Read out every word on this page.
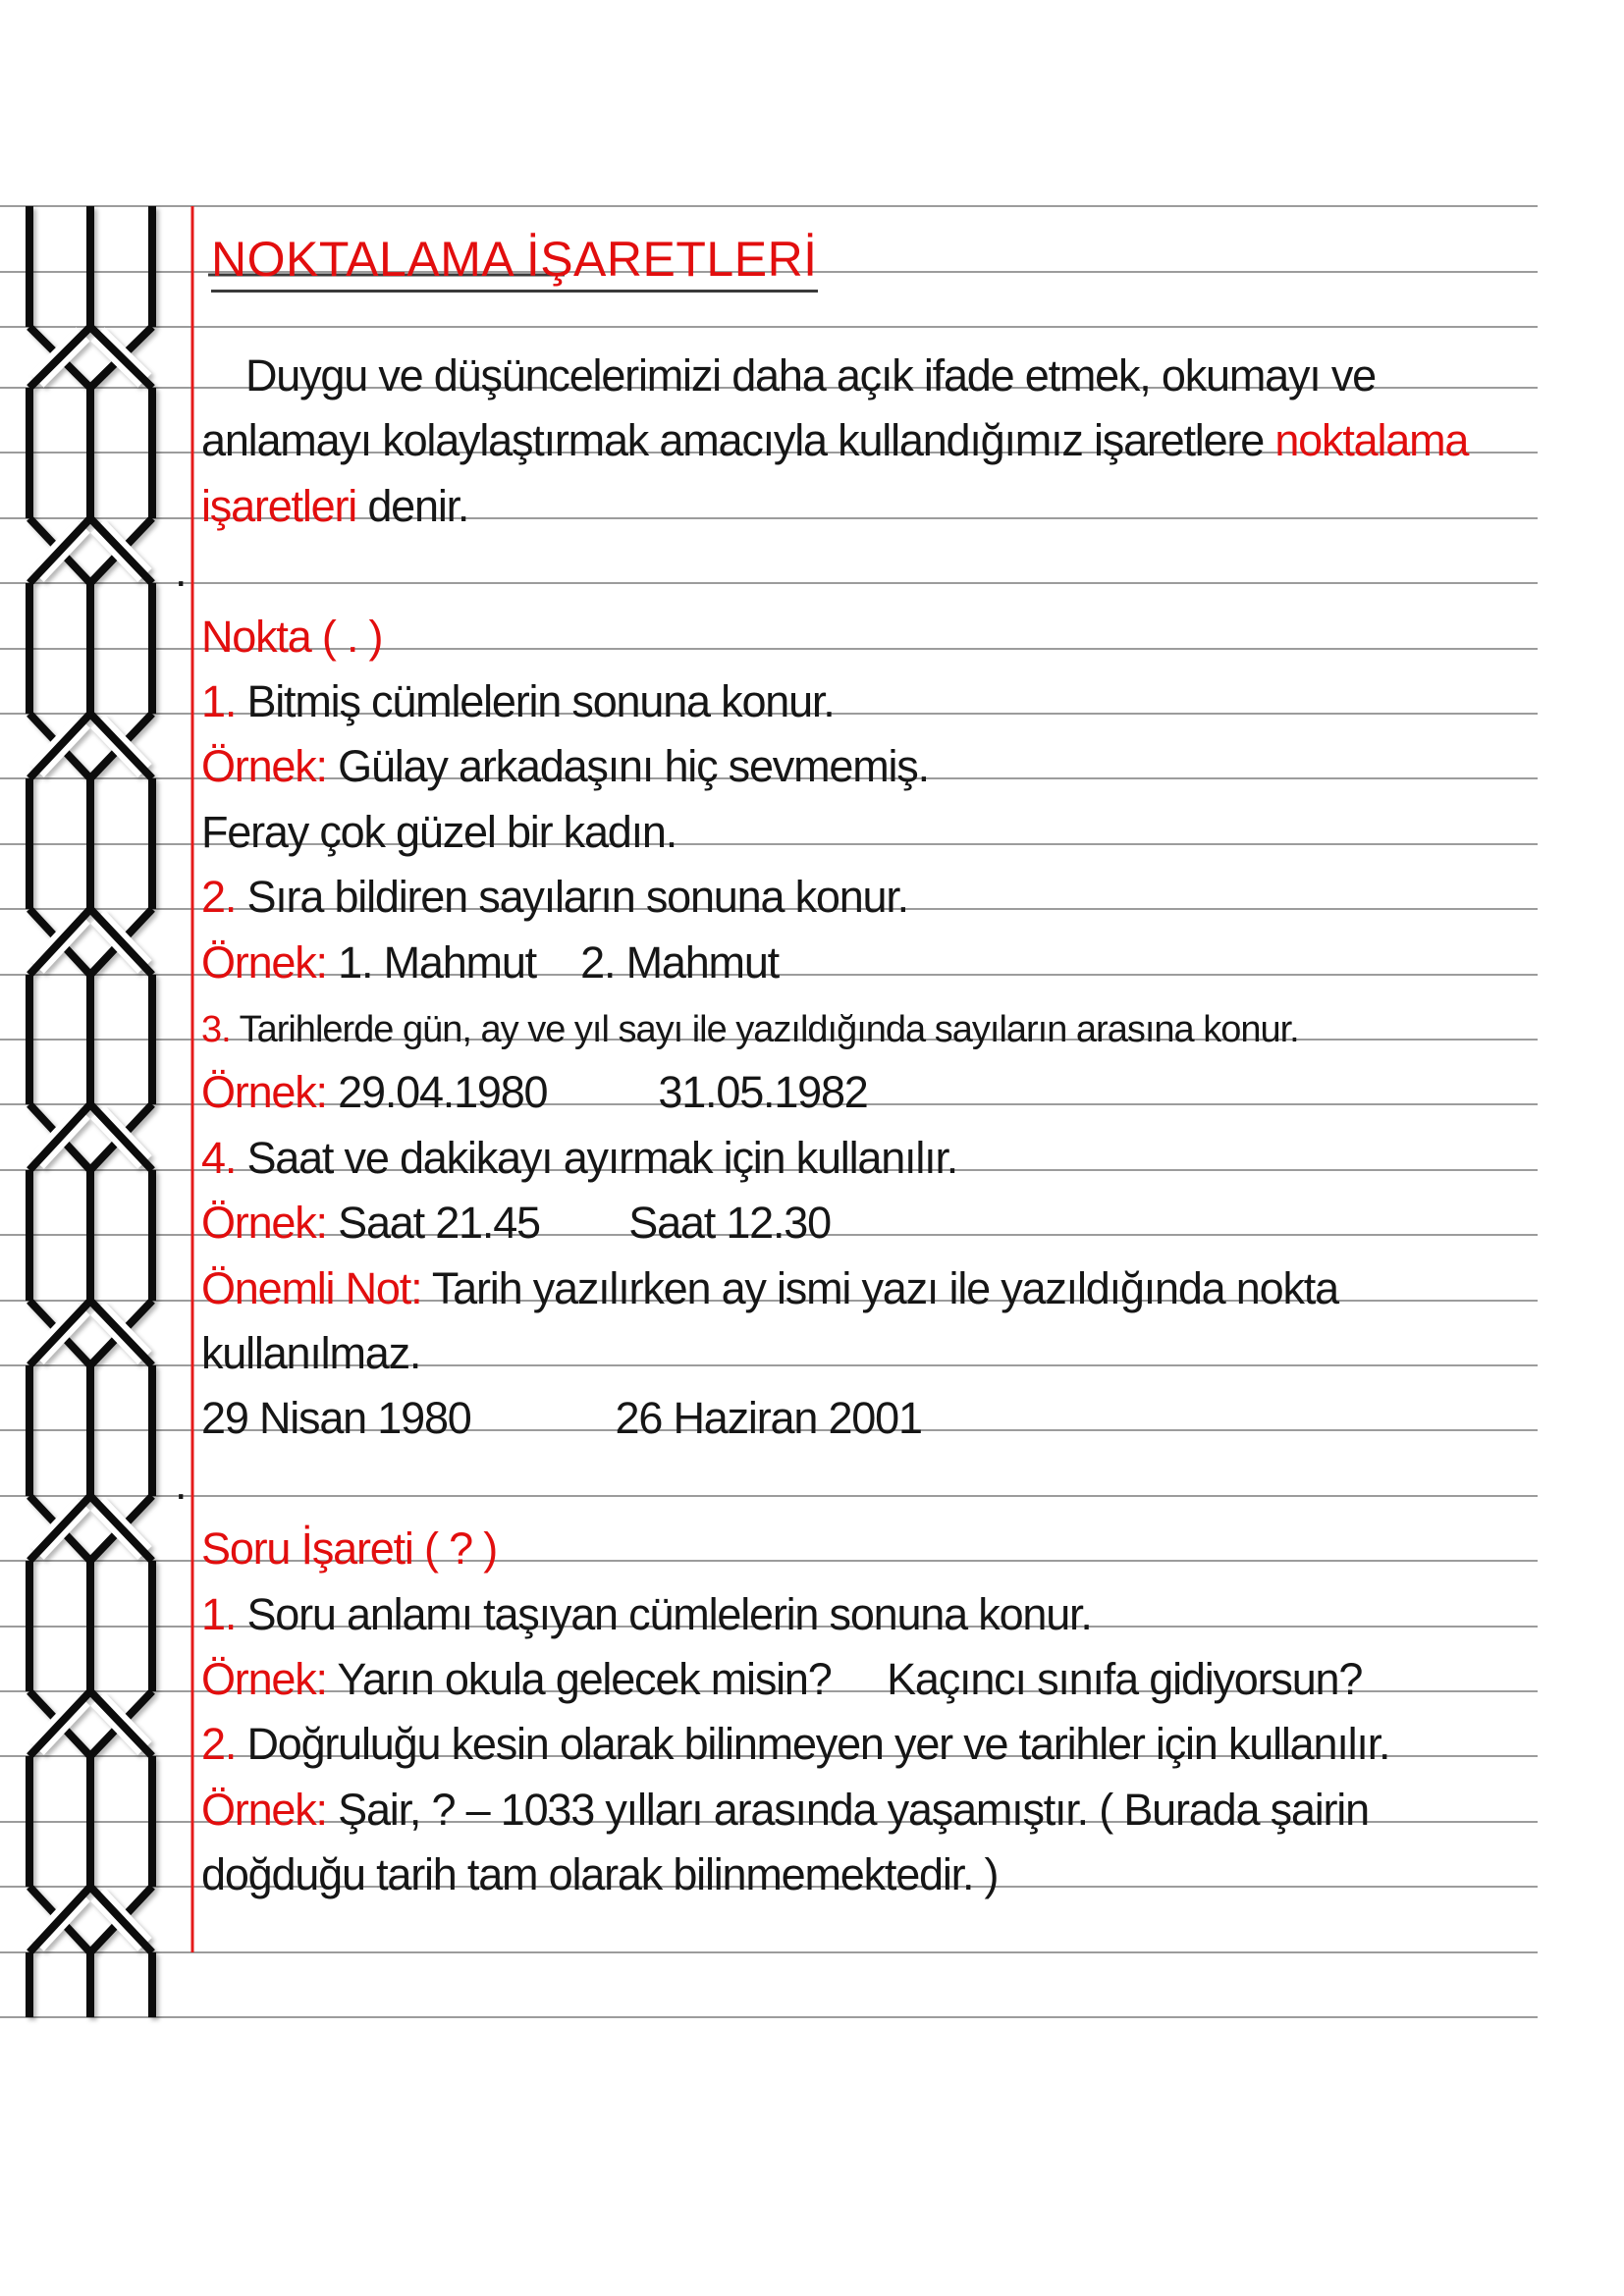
NOKTALAMA İŞARETLERİ
Duygu ve düşüncelerimizi daha açık ifade etmek, okumayı ve
anlamayı kolaylaştırmak amacıyla kullandığımız işaretlere noktalama
işaretleri denir.
.
Nokta ( . )
1. Bitmiş cümlelerin sonuna konur.
Örnek: Gülay arkadaşını hiç sevmemiş.
Feray çok güzel bir kadın.
2. Sıra bildiren sayıların sonuna konur.
Örnek: 1. Mahmut    2. Mahmut
3. Tarihlerde gün, ay ve yıl sayı ile yazıldığında sayıların arasına konur.
Örnek: 29.04.1980          31.05.1982
4. Saat ve dakikayı ayırmak için kullanılır.
Örnek: Saat 21.45        Saat 12.30
Önemli Not: Tarih yazılırken ay ismi yazı ile yazıldığında nokta
kullanılmaz.
29 Nisan 1980             26 Haziran 2001
.
Soru İşareti ( ? )
1. Soru anlamı taşıyan cümlelerin sonuna konur.
Örnek: Yarın okula gelecek misin?     Kaçıncı sınıfa gidiyorsun?
2. Doğruluğu kesin olarak bilinmeyen yer ve tarihler için kullanılır.
Örnek: Şair, ? – 1033 yılları arasında yaşamıştır. ( Burada şairin
doğduğu tarih tam olarak bilinmemektedir. )
